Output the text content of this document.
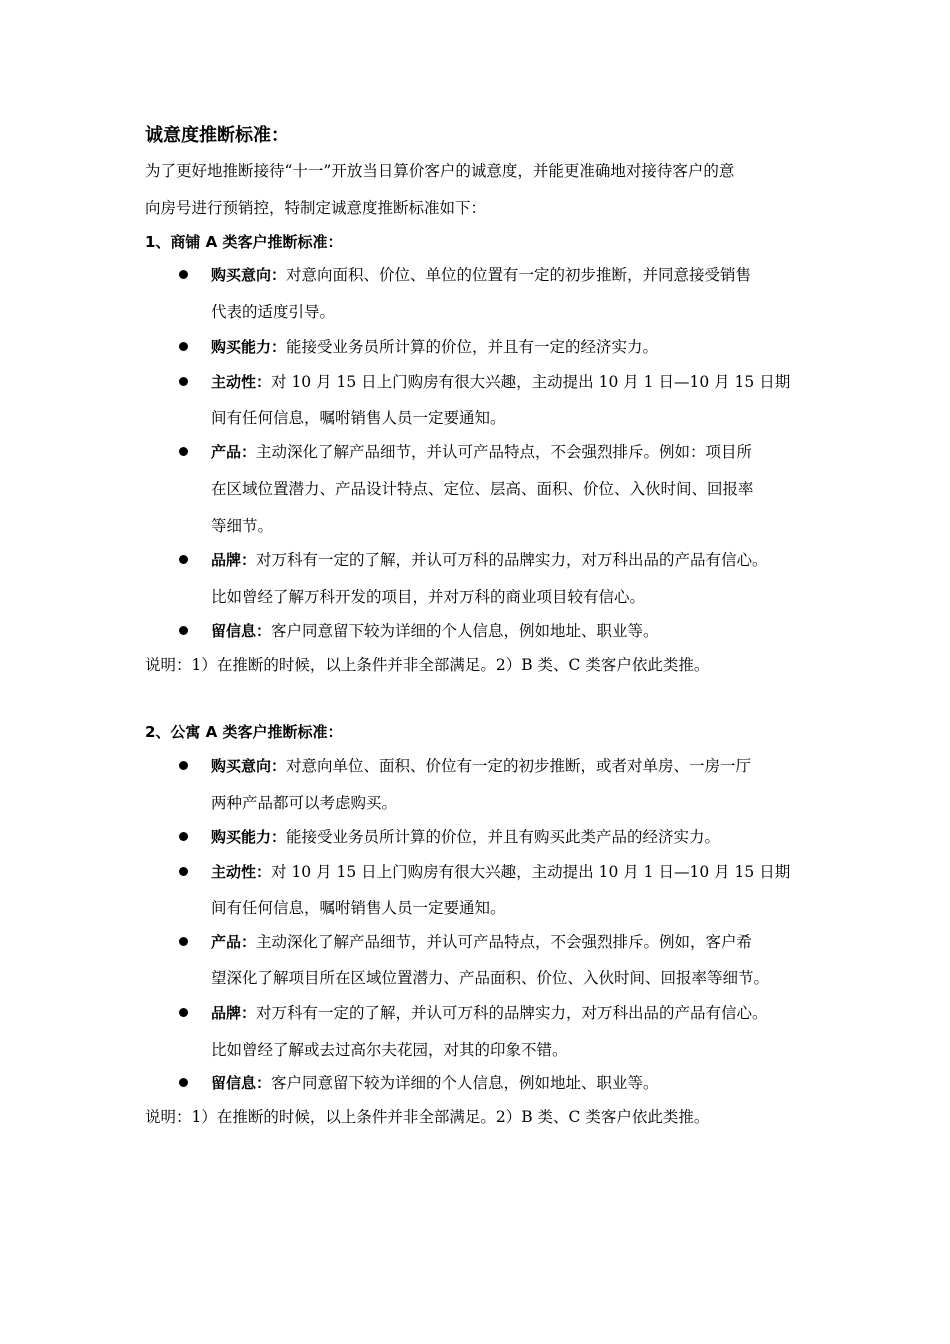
诚意度推断标准：
为了更好地推断接待“十一”开放当日算价客户的诚意度，并能更准确地对接待客户的意
向房号进行预销控，特制定诚意度推断标准如下：
1、商铺 A 类客户推断标准：
购买意向：对意向面积、价位、单位的位置有一定的初步推断，并同意接受销售
代表的适度引导。
购买能力：能接受业务员所计算的价位，并且有一定的经济实力。
主动性：对 10 月 15 日上门购房有很大兴趣，主动提出 10 月 1 日—10 月 15 日期
间有任何信息，嘱咐销售人员一定要通知。
产品：主动深化了解产品细节，并认可产品特点，不会强烈排斥。例如：项目所
在区域位置潜力、产品设计特点、定位、层高、面积、价位、入伙时间、回报率
等细节。
品牌：对万科有一定的了解，并认可万科的品牌实力，对万科出品的产品有信心。
比如曾经了解万科开发的项目，并对万科的商业项目较有信心。
留信息：客户同意留下较为详细的个人信息，例如地址、职业等。
说明：1）在推断的时候，以上条件并非全部满足。2）B 类、C 类客户依此类推。
2、公寓 A 类客户推断标准：
购买意向：对意向单位、面积、价位有一定的初步推断，或者对单房、一房一厅
两种产品都可以考虑购买。
购买能力：能接受业务员所计算的价位，并且有购买此类产品的经济实力。
主动性：对 10 月 15 日上门购房有很大兴趣，主动提出 10 月 1 日—10 月 15 日期
间有任何信息，嘱咐销售人员一定要通知。
产品：主动深化了解产品细节，并认可产品特点，不会强烈排斥。例如，客户希
望深化了解项目所在区域位置潜力、产品面积、价位、入伙时间、回报率等细节。
品牌：对万科有一定的了解，并认可万科的品牌实力，对万科出品的产品有信心。
比如曾经了解或去过高尔夫花园，对其的印象不错。
留信息：客户同意留下较为详细的个人信息，例如地址、职业等。
说明：1）在推断的时候，以上条件并非全部满足。2）B 类、C 类客户依此类推。
